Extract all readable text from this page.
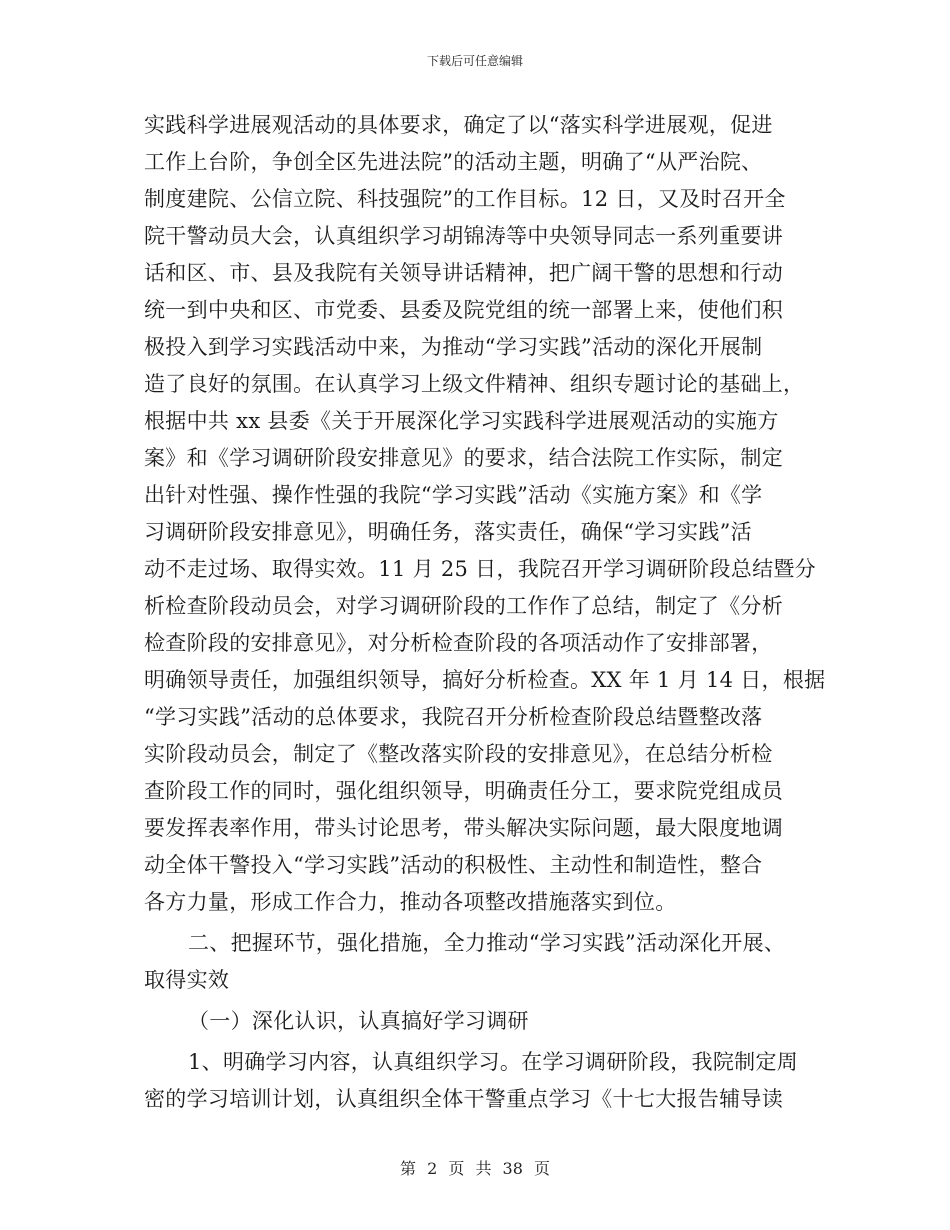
下载后可任意编辑
实践科学进展观活动的具体要求，确定了以“落实科学进展观，促进
工作上台阶，争创全区先进法院”的活动主题，明确了“从严治院、
制度建院、公信立院、科技强院”的工作目标。12 日，又及时召开全
院干警动员大会，认真组织学习胡锦涛等中央领导同志一系列重要讲
话和区、市、县及我院有关领导讲话精神，把广阔干警的思想和行动
统一到中央和区、市党委、县委及院党组的统一部署上来，使他们积
极投入到学习实践活动中来，为推动“学习实践”活动的深化开展制
造了良好的氛围。在认真学习上级文件精神、组织专题讨论的基础上，
根据中共 xx 县委《关于开展深化学习实践科学进展观活动的实施方
案》和《学习调研阶段安排意见》的要求，结合法院工作实际，制定
出针对性强、操作性强的我院“学习实践”活动《实施方案》和《学
习调研阶段安排意见》，明确任务，落实责任，确保“学习实践”活
动不走过场、取得实效。11 月 25 日，我院召开学习调研阶段总结暨分
析检查阶段动员会，对学习调研阶段的工作作了总结，制定了《分析
检查阶段的安排意见》，对分析检查阶段的各项活动作了安排部署，
明确领导责任，加强组织领导，搞好分析检查。XX 年 1 月 14 日，根据
“学习实践”活动的总体要求，我院召开分析检查阶段总结暨整改落
实阶段动员会，制定了《整改落实阶段的安排意见》，在总结分析检
查阶段工作的同时，强化组织领导，明确责任分工，要求院党组成员
要发挥表率作用，带头讨论思考，带头解决实际问题，最大限度地调
动全体干警投入“学习实践”活动的积极性、主动性和制造性，整合
各方力量，形成工作合力，推动各项整改措施落实到位。
二、把握环节，强化措施，全力推动“学习实践”活动深化开展、
取得实效
（一）深化认识，认真搞好学习调研
1、明确学习内容，认真组织学习。在学习调研阶段，我院制定周
密的学习培训计划，认真组织全体干警重点学习《十七大报告辅导读
第 2 页 共 38 页
